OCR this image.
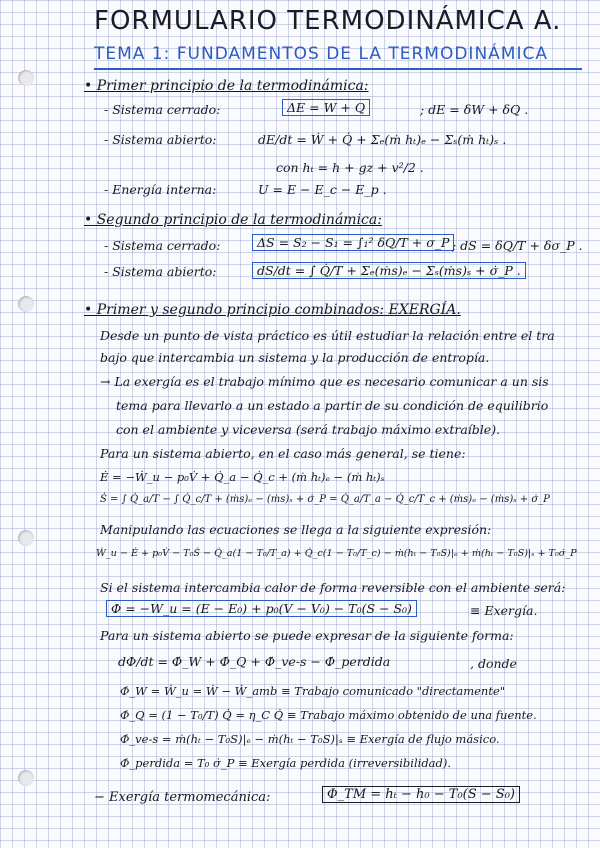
FORMULARIO TERMODINÁMICA A.
TEMA 1: FUNDAMENTOS DE LA TERMODINÁMICA
• Primer principio de la termodinámica:
- Sistema cerrado:	ΔE = W + Q	; dE = δW + δQ .
- Sistema abierto:	dE/dt = Ẇ + Q̇ + Σₑ(ṁ hₜ)ₑ − Σₛ(ṁ hₜ)ₛ .
con hₜ = h + gz + v²/2 .
- Energía interna:	U = E − E_c − E_p .
• Segundo principio de la termodinámica:
- Sistema cerrado:	ΔS = S₂ − S₁ = ∫₁² δQ/T + σ_P ; dS = δQ/T + δσ_P .
- Sistema abierto:	dS/dt = ∫ Q̇/T + Σₑ(ṁs)ₑ − Σₛ(ṁs)ₛ + σ̇_P .
• Primer y segundo principio combinados: EXERGÍA.
Desde un punto de vista práctico es útil estudiar la relación entre el tra
bajo que intercambia un sistema y la producción de entropía.
→ La exergía es el trabajo mínimo que es necesario comunicar a un sis
tema para llevarlo a un estado a partir de su condición de equilibrio
con el ambiente y viceversa (será trabajo máximo extraíble).
Para un sistema abierto, en el caso más general, se tiene:
Ė = −Ẇ_u − p₀V̇ + Q̇_a − Q̇_c + (ṁ hₜ)ₑ − (ṁ hₜ)ₛ
Ṡ = ∫ Q̇_a/T − ∫ Q̇_c/T + (ṁs)ₑ − (ṁs)ₛ + σ̇_P = Q̇_a/T_a − Q̇_c/T_c + (ṁs)ₑ − (ṁs)ₛ + σ̇_P
Manipulando las ecuaciones se llega a la siguiente expresión:
Ẇ_u − Ė + p₀V̇ − T₀Ṡ − Q̇_a(1 − T₀/T_a) + Q̇_c(1 − T₀/T_c) − ṁ(hₜ − T₀S)|ₑ + ṁ(hₜ − T₀S)|ₛ + T₀σ̇_P
Si el sistema intercambia calor de forma reversible con el ambiente será:
Φ = −W_u = (E − E₀) + p₀(V − V₀) − T₀(S − S₀)	≡ Exergía.
Para un sistema abierto se puede expresar de la siguiente forma:
dΦ/dt = Φ̇_W + Φ̇_Q + Φ̇_ve-s − Φ̇_perdida	, donde
Φ̇_W = Ẇ_u = Ẇ − Ẇ_amb ≡ Trabajo comunicado "directamente"
Φ̇_Q = (1 − T₀/T) Q̇ = η_C Q̇ ≡ Trabajo máximo obtenido de una fuente.
Φ̇_ve-s = ṁ(hₜ − T₀S)|ₑ − ṁ(hₜ − T₀S)|ₛ ≡ Exergía de flujo másico.
Φ̇_perdida = T₀ σ̇_P ≡ Exergía perdida (irreversibilidad).
− Exergía termomecánica:	Φ_TM = hₜ − h₀ − T₀(S − S₀)
